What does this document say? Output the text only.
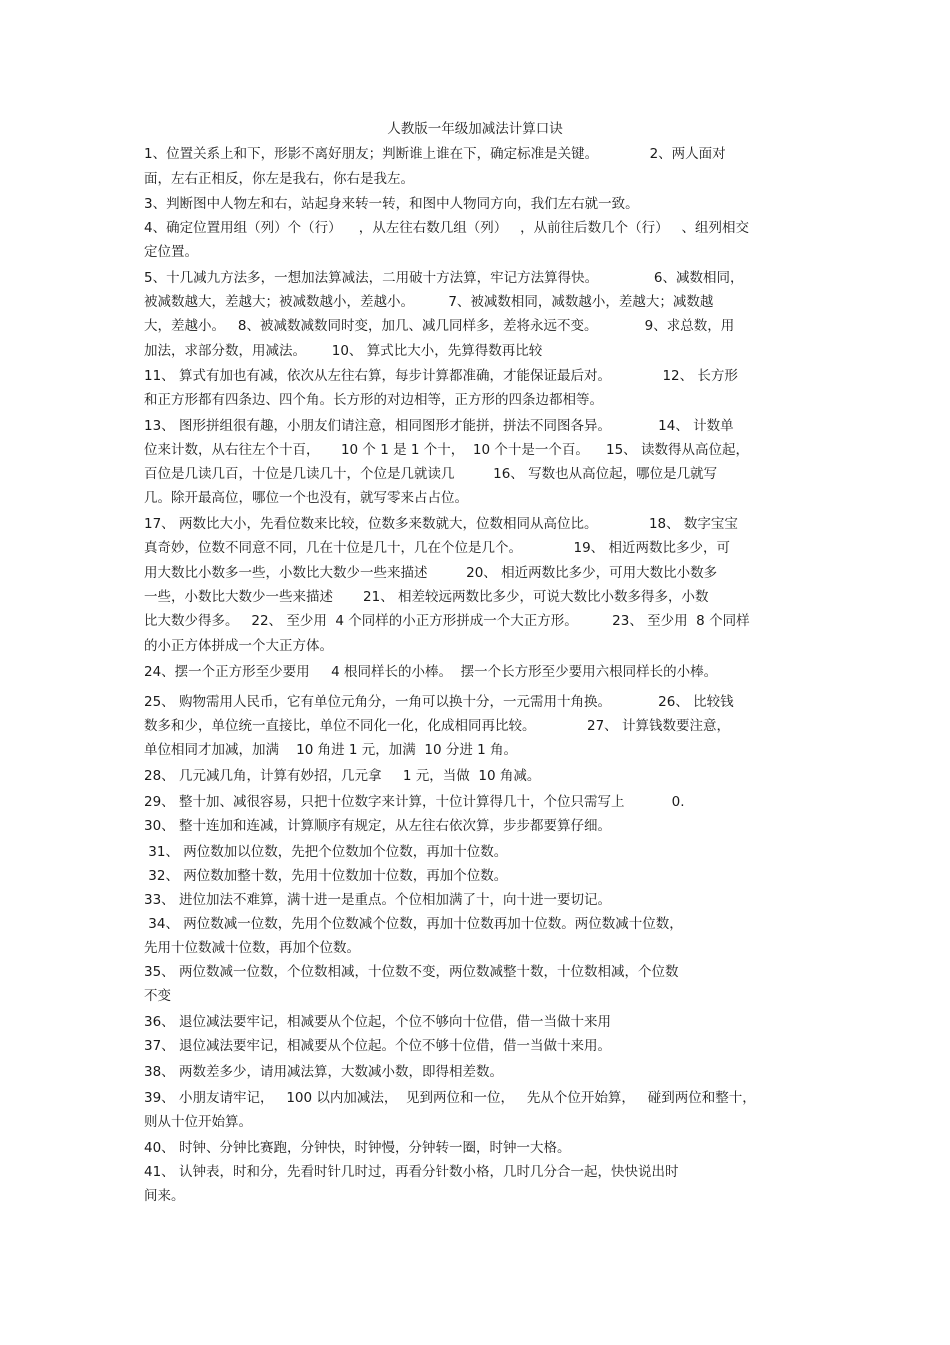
人教版一年级加减法计算口诀
1、位置关系上和下，形影不离好朋友；判断谁上谁在下，确定标准是关键。            2、两人面对
面，左右正相反，你左是我右，你右是我左。
3、判断图中人物左和右，站起身来转一转，和图中人物同方向，我们左右就一致。
4、确定位置用组（列）个（行）    ，从左往右数几组（列）   ，从前往后数几个（行）   、组列相交
定位置。
5、十几减九方法多，一想加法算减法，二用破十方法算，牢记方法算得快。             6、减数相同，
被减数越大，差越大；被减数越小，差越小。        7、被减数相同，减数越小，差越大；减数越
大，差越小。   8、被减数减数同时变，加几、减几同样多，差将永远不变。           9、求总数，用
加法，求部分数，用减法。      10、 算式比大小，先算得数再比较
11、 算式有加也有减，依次从左往右算，每步计算都准确，才能保证最后对。            12、 长方形
和正方形都有四条边、四个角。长方形的对边相等，正方形的四条边都相等。
13、 图形拼组很有趣，小朋友们请注意，相同图形才能拼，拼法不同图各异。           14、 计数单
位来计数，从右往左个十百，     10 个 1 是 1 个十，  10 个十是一个百。    15、 读数得从高位起，
百位是几读几百，十位是几读几十，个位是几就读几         16、 写数也从高位起，哪位是几就写
几。除开最高位，哪位一个也没有，就写零来占占位。
17、 两数比大小，先看位数来比较，位数多来数就大，位数相同从高位比。            18、 数字宝宝
真奇妙，位数不同意不同，几在十位是几十，几在个位是几个。            19、 相近两数比多少，可
用大数比小数多一些，小数比大数少一些来描述         20、 相近两数比多少，可用大数比小数多
一些，小数比大数少一些来描述       21、 相差较远两数比多少，可说大数比小数多得多，小数
比大数少得多。   22、 至少用  4 个同样的小正方形拼成一个大正方形。        23、 至少用  8 个同样
的小正方体拼成一个大正方体。
24、摆一个正方形至少要用     4 根同样长的小棒。  摆一个长方形至少要用六根同样长的小棒。
25、 购物需用人民币，它有单位元角分，一角可以换十分，一元需用十角换。           26、 比较钱
数多和少，单位统一直接比，单位不同化一化，化成相同再比较。            27、 计算钱数要注意，
单位相同才加减，加满    10 角进 1 元，加满  10 分进 1 角。
28、 几元减几角，计算有妙招，几元拿     1 元，当做  10 角减。
29、 整十加、减很容易，只把十位数字来计算，十位计算得几十，个位只需写上           0.
30、 整十连加和连减，计算顺序有规定，从左往右依次算，步步都要算仔细。
31、 两位数加以位数，先把个位数加个位数，再加十位数。
32、 两位数加整十数，先用十位数加十位数，再加个位数。
33、 进位加法不难算，满十进一是重点。个位相加满了十，向十进一要切记。
34、 两位数减一位数，先用个位数减个位数，再加十位数再加十位数。两位数减十位数，
先用十位数减十位数，再加个位数。
35、 两位数减一位数，个位数相减，十位数不变，两位数减整十数，十位数相减，个位数
不变
36、 退位减法要牢记，相减要从个位起，个位不够向十位借，借一当做十来用
37、 退位减法要牢记，相减要从个位起。个位不够十位借，借一当做十来用。
38、 两数差多少，请用减法算，大数减小数，即得相差数。
39、 小朋友请牢记，   100 以内加减法，  见到两位和一位，   先从个位开始算，   碰到两位和整十，
则从十位开始算。
40、 时钟、分钟比赛跑，分钟快，时钟慢，分钟转一圈，时钟一大格。
41、 认钟表，时和分，先看时针几时过，再看分针数小格，几时几分合一起，快快说出时
间来。
